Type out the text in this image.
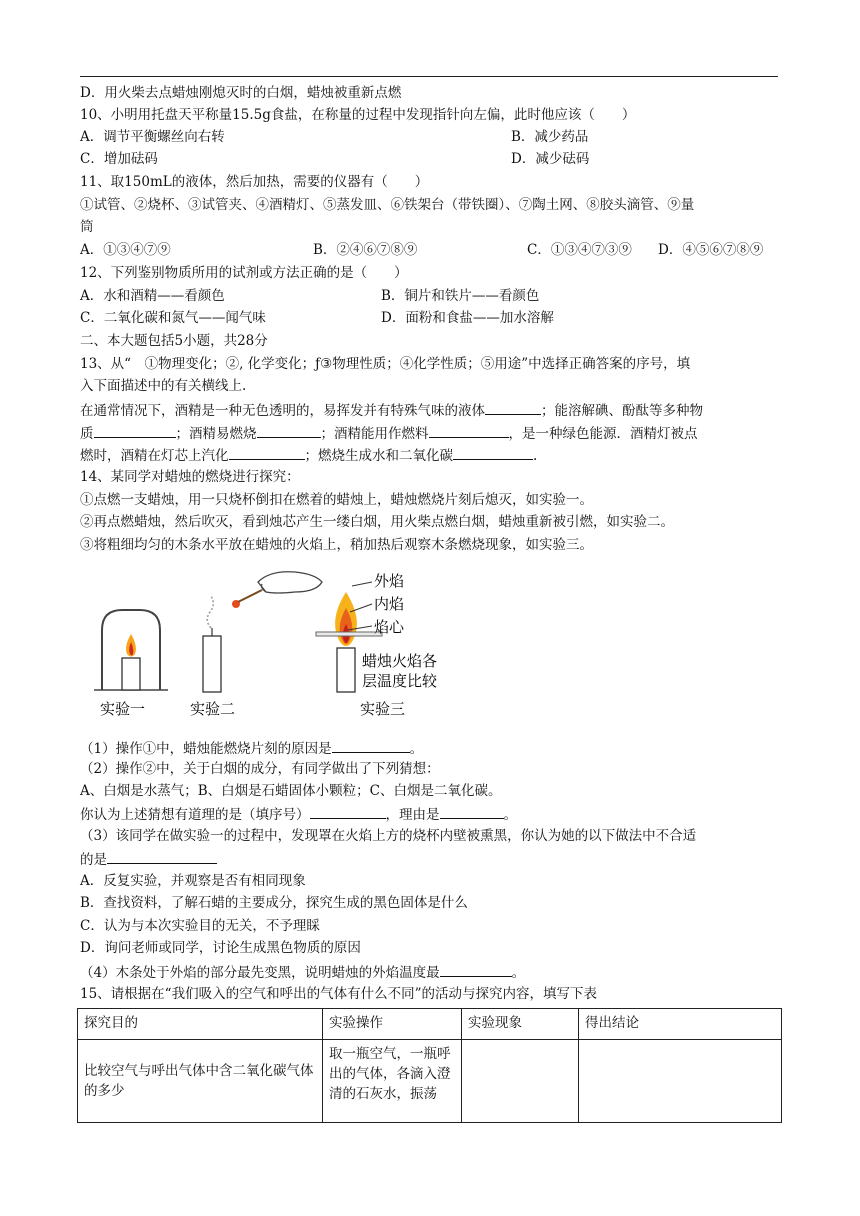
D．用火柴去点蜡烛刚熄灭时的白烟，蜡烛被重新点燃
10、小明用托盘天平称量15.5g食盐，在称量的过程中发现指针向左偏，此时他应该（　　）
A．调节平衡螺丝向右转	B．减少药品
C．增加砝码	D．减少砝码
11、取150mL的液体，然后加热，需要的仪器有（　　）
①试管、②烧杯、③试管夹、④酒精灯、⑤蒸发皿、⑥铁架台（带铁圈）、⑦陶土网、⑧胶头滴管、⑨量
筒
A．①③④⑦⑨	B．②④⑥⑦⑧⑨	C．①③④⑦③⑨ D．④⑤⑥⑦⑧⑨
12、下列鉴别物质所用的试剂或方法正确的是（　　）
A．水和酒精——看颜色	B．铜片和铁片——看颜色
C．二氧化碳和氮气——闻气味	D．面粉和食盐——加水溶解
二、本大题包括5小题，共28分
13、从“　①物理变化；②, 化学变化；ƒ③物理性质；④化学性质；⑤用途”中选择正确答案的序号，填
入下面描述中的有关横线上.
在通常情况下，酒精是一种无色透明的，易挥发并有特殊气味的液体	；能溶解碘、酚酞等多种物
质	；酒精易燃烧	；酒精能用作燃料	，是一种绿色能源．酒精灯被点
燃时，酒精在灯芯上汽化	；燃烧生成水和二氧化碳	.
14、某同学对蜡烛的燃烧进行探究：
①点燃一支蜡烛，用一只烧杯倒扣在燃着的蜡烛上，蜡烛燃烧片刻后熄灭，如实验一。
②再点燃蜡烛，然后吹灭，看到烛芯产生一缕白烟，用火柴点燃白烟，蜡烛重新被引燃，如实验二。
③将粗细均匀的木条水平放在蜡烛的火焰上，稍加热后观察木条燃烧现象，如实验三。
实验一	实验二
外焰
内焰
焰心
蜡烛火焰各
层温度比较
实验三
（1）操作①中，蜡烛能燃烧片刻的原因是	。
（2）操作②中，关于白烟的成分，有同学做出了下列猜想：
A、白烟是水蒸气；B、白烟是石蜡固体小颗粒；C、白烟是二氧化碳。
你认为上述猜想有道理的是（填序号）	，理由是	。
（3）该同学在做实验一的过程中，发现罩在火焰上方的烧杯内壁被熏黑，你认为她的以下做法中不合适
的是
A．反复实验，并观察是否有相同现象
B．查找资料，了解石蜡的主要成分，探究生成的黑色固体是什么
C．认为与本次实验目的无关，不予理睬
D．询问老师或同学，讨论生成黑色物质的原因
（4）木条处于外焰的部分最先变黑，说明蜡烛的外焰温度最	。
15、请根据在“我们吸入的空气和呼出的气体有什么不同”的活动与探究内容，填写下表
探究目的	实验操作	实验现象	得出结论
比较空气与呼出气体中含二氧化碳气体的多少	取一瓶空气，一瓶呼出的气体，各滴入澄清的石灰水，振荡		
